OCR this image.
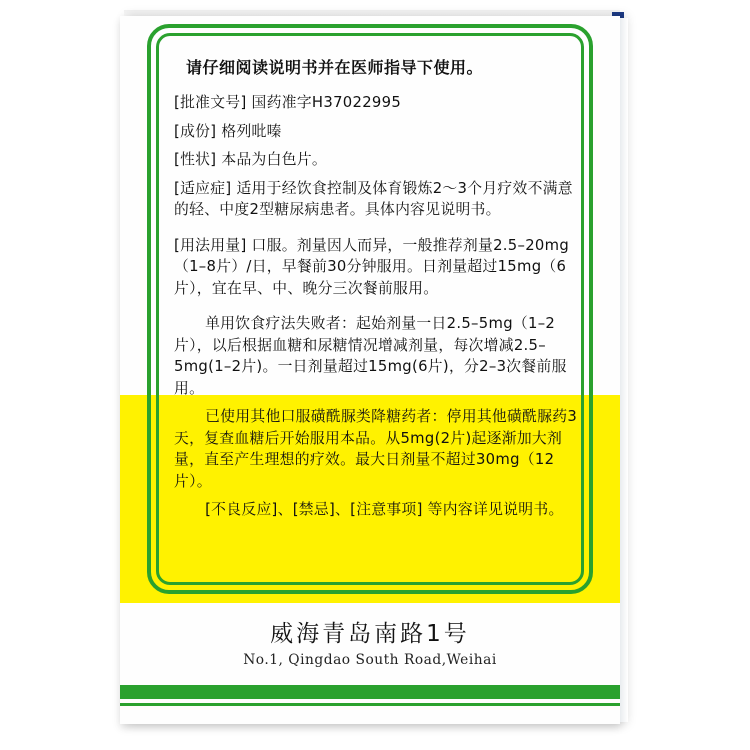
请仔细阅读说明书并在医师指导下使用。
[批准文号] 国药准字H37022995
[成份] 格列吡嗪
[性状] 本品为白色片。
[适应症] 适用于经饮食控制及体育锻炼2～3个月疗效不满意的轻、中度2型糖尿病患者。具体内容见说明书。
[用法用量] 口服。剂量因人而异，一般推荐剂量2.5–20mg（1–8片）/日，早餐前30分钟服用。日剂量超过15mg（6片），宜在早、中、晚分三次餐前服用。
单用饮食疗法失败者：起始剂量一日2.5–5mg（1–2片），以后根据血糖和尿糖情况增减剂量，每次增减2.5–5mg(1–2片)。一日剂量超过15mg(6片)，分2–3次餐前服用。
已使用其他口服磺酰脲类降糖药者：停用其他磺酰脲药3天，复查血糖后开始服用本品。从5mg(2片)起逐渐加大剂量，直至产生理想的疗效。最大日剂量不超过30mg（12片）。
[不良反应]、[禁忌]、[注意事项] 等内容详见说明书。
威海青岛南路1号
No.1, Qingdao South Road,Weihai
